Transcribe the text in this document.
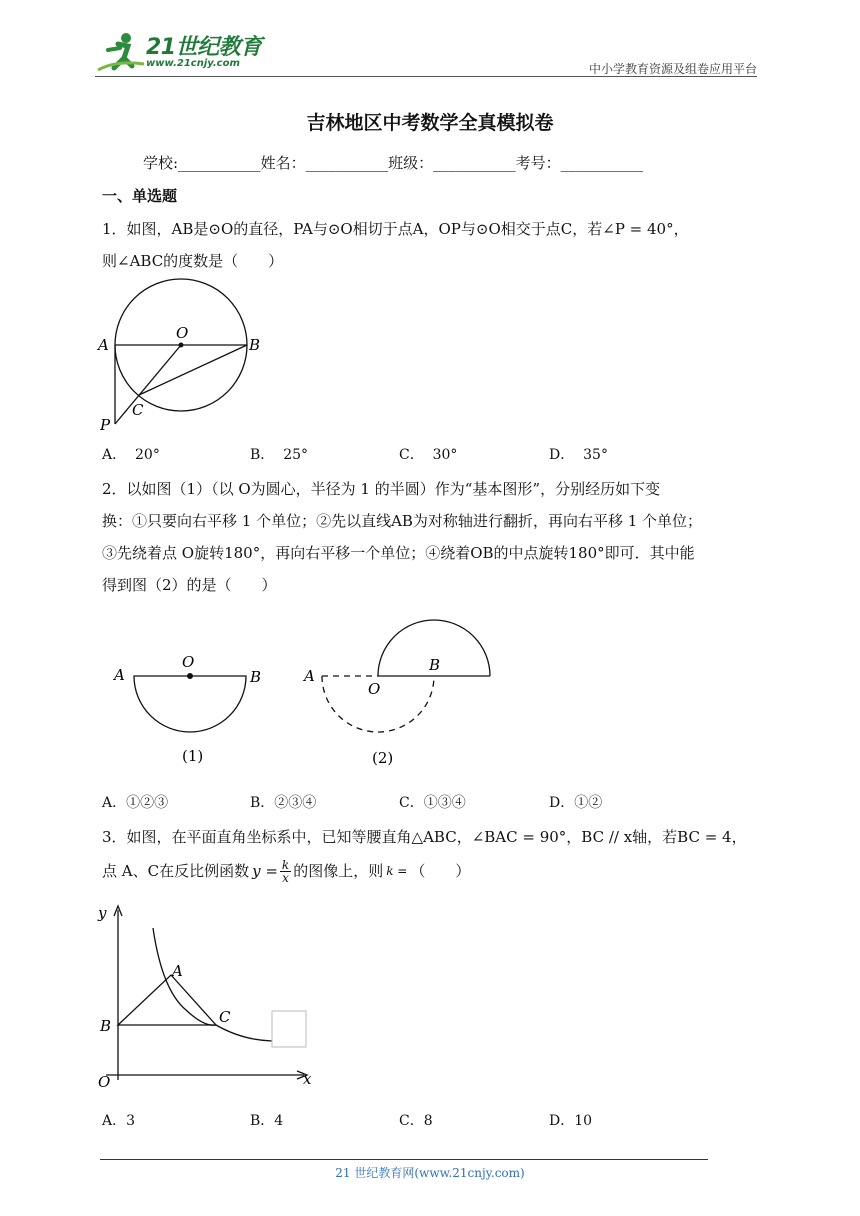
21世纪教育
www.21cnjy.com	中小学教育资源及组卷应用平台
吉林地区中考数学全真模拟卷
学校:___________ 姓名：___________ 班级：___________ 考号：___________
一、单选题
1．如图，AB是⊙O的直径，PA与⊙O相切于点A，OP与⊙O相交于点C，若∠P = 40°，
则∠ABC的度数是（　　）
A	B
O
C
P
A．  20°	B．  25°	C．  30°	D．  35°
2．以如图（1）（以 O为圆心，半径为 1 的半圆）作为“基本图形”，分别经历如下变
换：①只要向右平移 1 个单位；②先以直线AB为对称轴进行翻折，再向右平移 1 个单位；
③先绕着点 O旋转180°，再向右平移一个单位；④绕着OB的中点旋转180°即可．其中能
得到图（2）的是（　　）
A
O
B
(1)
A
O
B
(2)
A．①②③	B．②③④	C．①③④	D．①②
3．如图，在平面直角坐标系中，已知等腰直角△ABC，∠BAC = 90°，BC // x轴，若BC = 4，
点 A、C在反比例函数 $y = \frac{k}{x}$ 的图像上，则 k = （　　）
y
x
O
A
B	C
A．3	B．4	C．8	D．10
21 世纪教育网(www.21cnjy.com)
